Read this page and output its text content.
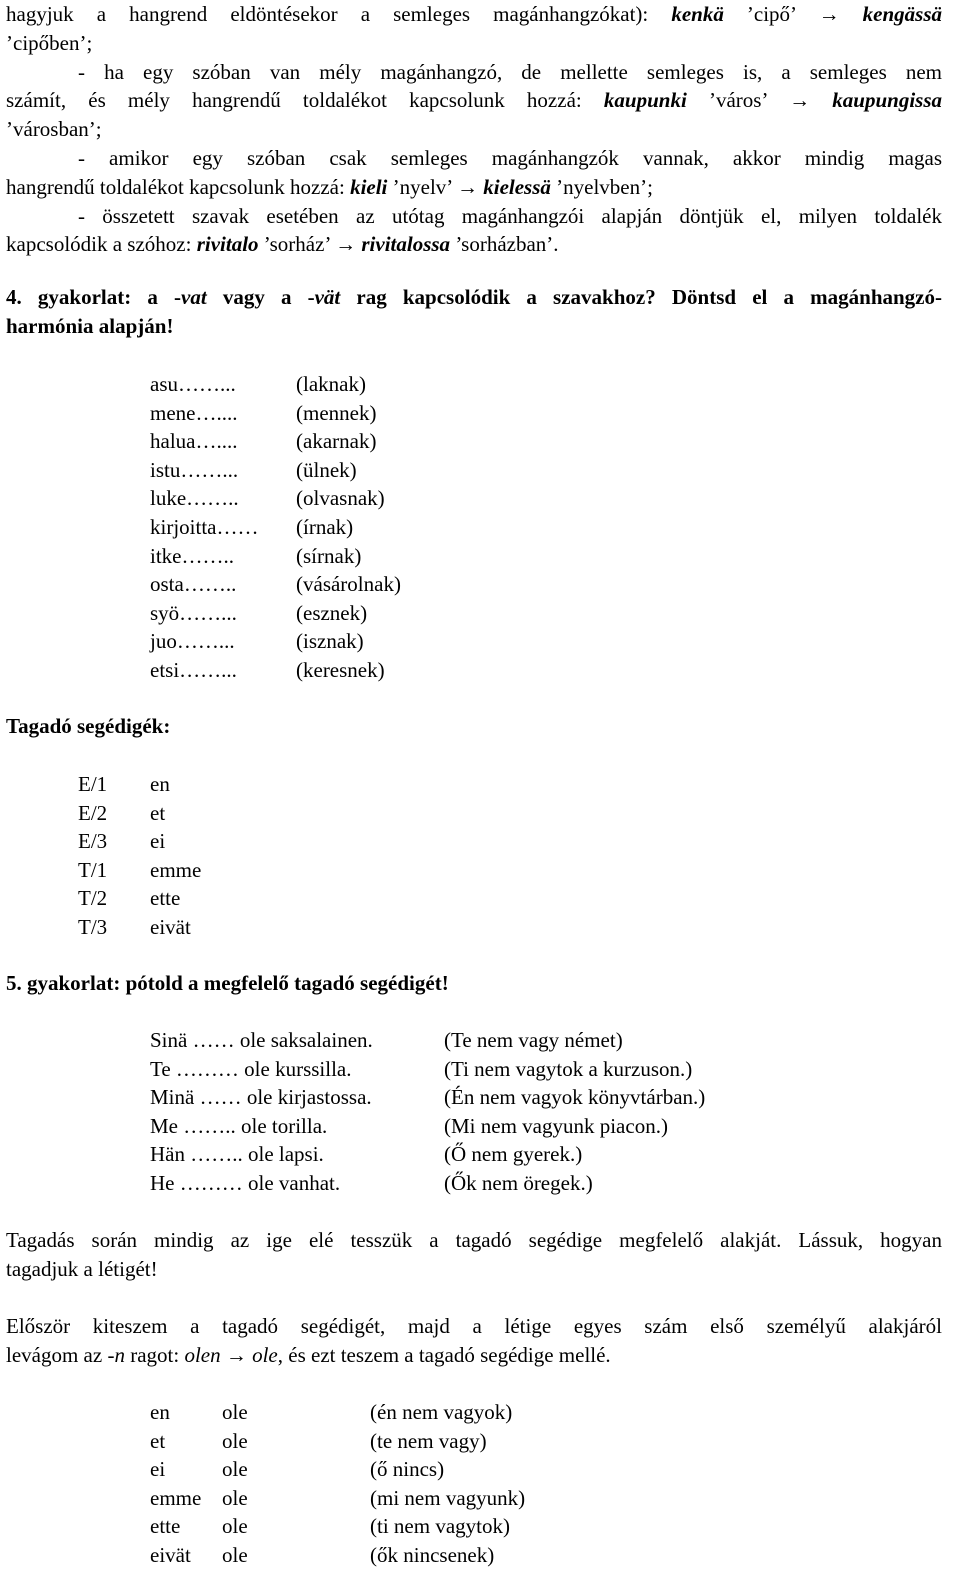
hagyjuk a hangrend eldöntésekor a semleges magánhangzókat): kenkä ’cipő’ → kengässä

’cipőben’;

- ha egy szóban van mély magánhangzó, de mellette semleges is, a semleges nem

számít, és mély hangrendű toldalékot kapcsolunk hozzá: kaupunki ’város’ → kaupungissa

’városban’;

- amikor egy szóban csak semleges magánhangzók vannak, akkor mindig magas

hangrendű toldalékot kapcsolunk hozzá: kieli ’nyelv’ → kielessä ’nyelvben’;

- összetett szavak esetében az utótag magánhangzói alapján döntjük el, milyen toldalék

kapcsolódik a szóhoz: rivitalo ’sorház’ → rivitalossa ’sorházban’.

4. gyakorlat: a -vat vagy a -vät rag kapcsolódik a szavakhoz? Döntsd el a magánhangzó-

harmónia alapján!

asu……...	(laknak)
mene…....	(mennek)
halua…....	(akarnak)
istu……...	(ülnek)
luke……..	(olvasnak)
kirjoitta…… (írnak)
itke……..	(sírnak)
osta……..	(vásárolnak)
syö……...	(esznek)
juo……...	(isznak)
etsi……...	(keresnek)
Tagadó segédigék:
E/1 en
E/2 et
E/3 ei
T/1 emme
T/2 ette
T/3 eivät
5. gyakorlat: pótold a megfelelő tagadó segédigét!
Sinä …… ole saksalainen.	(Te nem vagy német)
Te ……… ole kurssilla.	(Ti nem vagytok a kurzuson.)
Minä …… ole kirjastossa.	(Én nem vagyok könyvtárban.)
Me …….. ole torilla.	(Mi nem vagyunk piacon.)
Hän …….. ole lapsi.	(Ő nem gyerek.)
He ……… ole vanhat.	(Ők nem öregek.)

Tagadás során mindig az ige elé tesszük a tagadó segédige megfelelő alakját. Lássuk, hogyan

tagadjuk a létigét!

Először kiteszem a tagadó segédigét, majd a létige egyes szám első személyű alakjáról

levágom az -n ragot: olen → ole, és ezt teszem a tagadó segédige mellé.

en ole	(én nem vagyok)
et	ole	(te nem vagy)
ei	ole	(ő nincs)
emme ole	(mi nem vagyunk)
ette ole	(ti nem vagytok)
eivät ole	(ők nincsenek)
